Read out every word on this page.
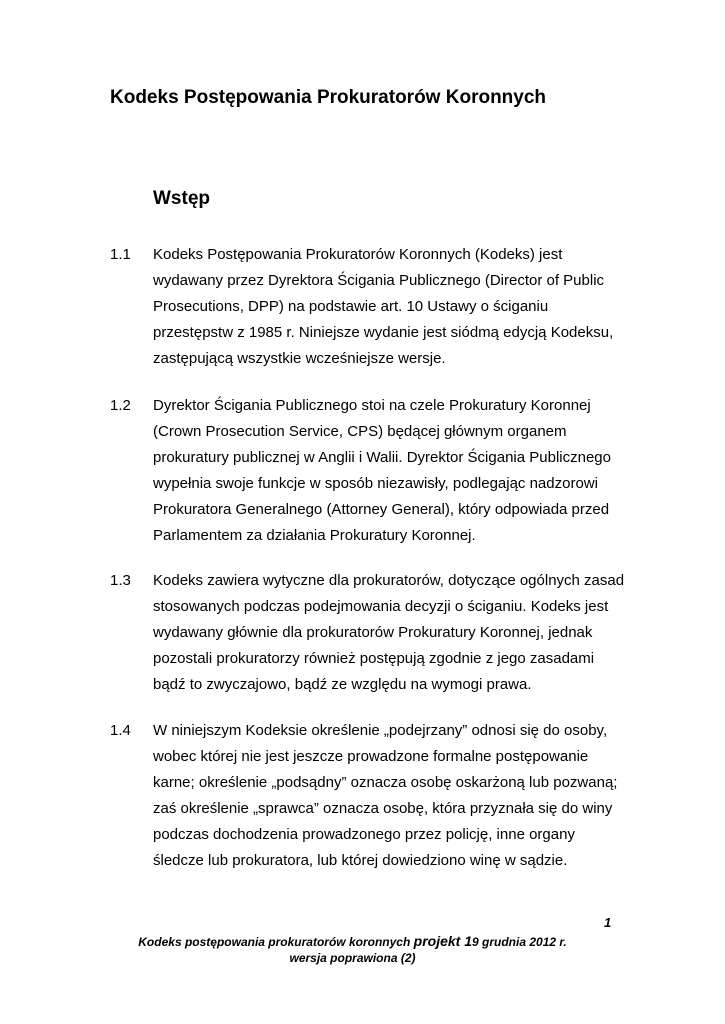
Kodeks Postępowania Prokuratorów Koronnych
Wstęp
1.1 Kodeks Postępowania Prokuratorów Koronnych (Kodeks) jest
wydawany przez Dyrektora Ścigania Publicznego (Director of Public
Prosecutions, DPP) na podstawie art. 10 Ustawy o ściganiu
przestępstw z 1985 r. Niniejsze wydanie jest siódmą edycją Kodeksu,
zastępującą wszystkie wcześniejsze wersje.
1.2 Dyrektor Ścigania Publicznego stoi na czele Prokuratury Koronnej
(Crown Prosecution Service, CPS) będącej głównym organem
prokuratury publicznej w Anglii i Walii. Dyrektor Ścigania Publicznego
wypełnia swoje funkcje w sposób niezawisły, podlegając nadzorowi
Prokuratora Generalnego (Attorney General), który odpowiada przed
Parlamentem za działania Prokuratury Koronnej.
1.3 Kodeks zawiera wytyczne dla prokuratorów, dotyczące ogólnych zasad
stosowanych podczas podejmowania decyzji o ściganiu. Kodeks jest
wydawany głównie dla prokuratorów Prokuratury Koronnej, jednak
pozostali prokuratorzy również postępują zgodnie z jego zasadami
bądź to zwyczajowo, bądź ze względu na wymogi prawa.
1.4 W niniejszym Kodeksie określenie „podejrzany” odnosi się do osoby,
wobec której nie jest jeszcze prowadzone formalne postępowanie
karne; określenie „podsądny” oznacza osobę oskarżoną lub pozwaną;
zaś określenie „sprawca” oznacza osobę, która przyznała się do winy
podczas dochodzenia prowadzonego przez policję, inne organy
śledcze lub prokuratora, lub której dowiedziono winę w sądzie.
1
Kodeks postępowania prokuratorów koronnych projekt 19 grudnia 2012 r.
wersja poprawiona (2)
